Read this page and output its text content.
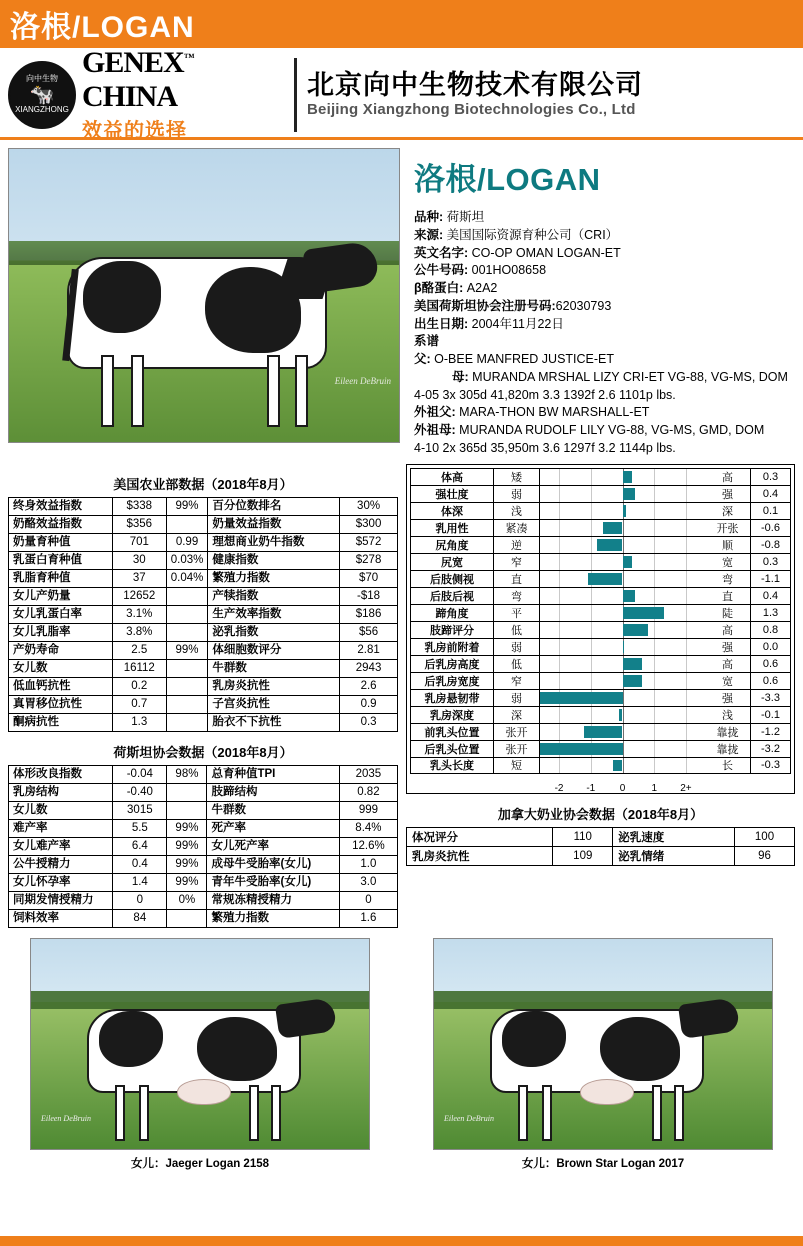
洛根/LOGAN
向中生物
🐄
XIANGZHONG
GENEX™ CHINA
效益的选择
北京向中生物技术有限公司
Beijing Xiangzhong Biotechnologies Co., Ltd
Eileen DeBruin
洛根/LOGAN
品种: 荷斯坦
来源: 美国国际资源育种公司（CRI）
英文名字: CO-OP OMAN LOGAN-ET
公牛号码: 001HO08658
β酪蛋白: A2A2
美国荷斯坦协会注册号码:62030793
出生日期: 2004年11月22日
系谱
父: O-BEE MANFRED JUSTICE-ET
母: MURANDA MRSHAL LIZY CRI-ET VG-88, VG-MS, DOM
4-05 3x 305d 41,820m 3.3 1392f 2.6 1101p lbs.
外祖父: MARA-THON BW MARSHALL-ET
外祖母: MURANDA RUDOLF LILY VG-88, VG-MS, GMD, DOM
4-10 2x 365d 35,950m 3.6 1297f 3.2 1144p lbs.
美国农业部数据（2018年8月）
终身效益指数	$338	99%	百分位数排名	30%
奶酪效益指数	$356		奶量效益指数	$300
奶量育种值	701	0.99	理想商业奶牛指数	$572
乳蛋白育种值	30	0.03%	健康指数	$278
乳脂育种值	37	0.04%	繁殖力指数	$70
女儿产奶量	12652		产犊指数	-$18
女儿乳蛋白率	3.1%		生产效率指数	$186
女儿乳脂率	3.8%		泌乳指数	$56
产奶寿命	2.5	99%	体细胞数评分	2.81
女儿数	16112		牛群数	2943
低血钙抗性	0.2		乳房炎抗性	2.6
真胃移位抗性	0.7		子宫炎抗性	0.9
酮病抗性	1.3		胎衣不下抗性	0.3
荷斯坦协会数据（2018年8月）
体形改良指数	-0.04	98%	总育种值TPI	2035
乳房结构	-0.40		肢蹄结构	0.82
女儿数	3015		牛群数	999
难产率	5.5	99%	死产率	8.4%
女儿难产率	6.4	99%	女儿死产率	12.6%
公牛授精力	0.4	99%	成母牛受胎率(女儿)	1.0
女儿怀孕率	1.4	99%	青年牛受胎率(女儿)	3.0
同期发情授精力	0	0%	常规冻精授精力	0
饲料效率	84		繁殖力指数	1.6
体高	矮	高	0.3
强壮度	弱	强	0.4
体深	浅	深	0.1
乳用性	紧凑	开张	-0.6
尻角度	逆	顺	-0.8
尻宽	窄	宽	0.3
后肢侧视	直	弯	-1.1
后肢后视	弯	直	0.4
蹄角度	平	陡	1.3
肢蹄评分	低	高	0.8
乳房前附着	弱	强	0.0
后乳房高度	低	高	0.6
后乳房宽度	窄	宽	0.6
乳房悬韧带	弱	强	-3.3
乳房深度	深	浅	-0.1
前乳头位置	张开	靠拢	-1.2
后乳头位置	张开	靠拢	-3.2
乳头长度	短	长	-0.3
-2 -1 0	1 2+
加拿大奶业协会数据（2018年8月）
体况评分	110	泌乳速度	100
乳房炎抗性	109	泌乳情绪	96
Eileen DeBruin
女儿：Jaeger Logan 2158
Eileen DeBruin
女儿：Brown Star Logan 2017
